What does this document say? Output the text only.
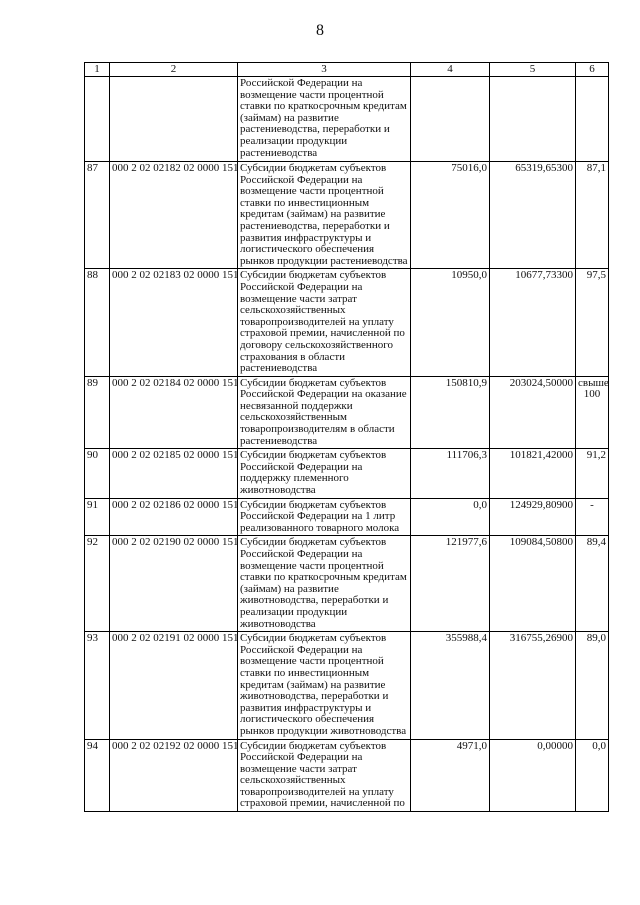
8
1	2	3	4	5	6
		Российской Федерации на возмещение части процентной ставки по краткосрочным кредитам (займам) на развитие растениеводства, переработки и реализации продукции растениеводства			
87	000 2 02 02182 02 0000 151	Субсидии бюджетам субъектов Российской Федерации на возмещение части процентной ставки по инвестиционным кредитам (займам) на развитие растениеводства, переработки и развития инфраструктуры и логистического обеспечения рынков продукции растениеводства	75016,0	65319,65300	87,1
88	000 2 02 02183 02 0000 151	Субсидии бюджетам субъектов Российской Федерации на возмещение части затрат сельскохозяйственных товаропроизводителей на уплату страховой премии, начисленной по договору сельскохозяйственного страхования в области растениеводства	10950,0	10677,73300	97,5
89	000 2 02 02184 02 0000 151	Субсидии бюджетам субъектов Российской Федерации на оказание несвязанной поддержки сельскохозяйственным товаропроизводителям в области растениеводства	150810,9	203024,50000	свыше 100
90	000 2 02 02185 02 0000 151	Субсидии бюджетам субъектов Российской Федерации на поддержку племенного животноводства	111706,3	101821,42000	91,2
91	000 2 02 02186 02 0000 151	Субсидии бюджетам субъектов Российской Федерации на 1 литр реализованного товарного молока	0,0	124929,80900	-
92	000 2 02 02190 02 0000 151	Субсидии бюджетам субъектов Российской Федерации на возмещение части процентной ставки по краткосрочным кредитам (займам) на развитие животноводства, переработки и реализации продукции животноводства	121977,6	109084,50800	89,4
93	000 2 02 02191 02 0000 151	Субсидии бюджетам субъектов Российской Федерации на возмещение части процентной ставки по инвестиционным кредитам (займам) на развитие животноводства, переработки и развития инфраструктуры и логистического обеспечения рынков продукции животноводства	355988,4	316755,26900	89,0
94	000 2 02 02192 02 0000 151	Субсидии бюджетам субъектов Российской Федерации на возмещение части затрат сельскохозяйственных товаропроизводителей на уплату страховой премии, начисленной по	4971,0	0,00000	0,0
